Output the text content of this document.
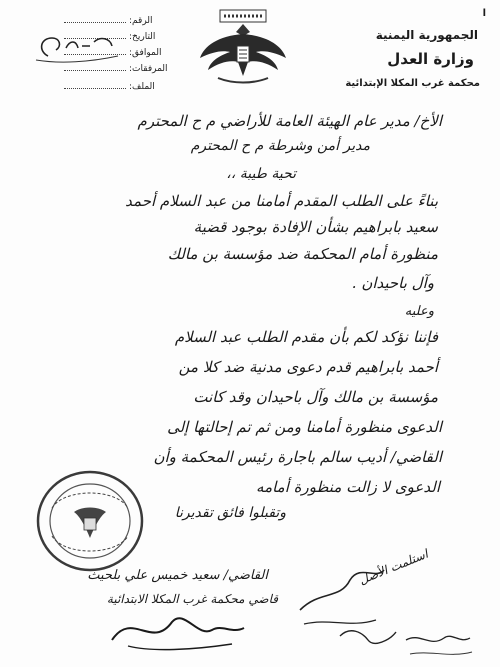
ا
الرقم:
التاريخ:
الموافق:
المرفقات:
الملف:
الجمهورية اليمنية
وزارة العدل
محكمة غرب المكلا الإبتدائية
الأخ/ مدير عام الهيئة العامة للأراضي م ح المحترم
مدير أمن وشرطة م ح المحترم
تحية طيبة ،،
بناءً على الطلب المقدم أمامنا من عبد السلام أحمد
سعيد بابراهيم بشأن الإفادة بوجود قضية
منظورة أمام المحكمة ضد مؤسسة بن مالك
وآل باحيدان .
وعليه
فإننا نؤكد لكم بأن مقدم الطلب عبد السلام
أحمد بابراهيم قدم دعوى مدنية ضد كلا من
مؤسسة بن مالك وآل باحيدان وقد كانت
الدعوى منظورة أمامنا ومن ثم تم إحالتها إلى
القاضي/ أديب سالم باجارة رئيس المحكمة وأن
الدعوى لا زالت منظورة أمامه
وتقبلوا فائق تقديرنا
القاضي/ سعيد خميس علي بلحيث
قاضي محكمة غرب المكلا الابتدائية
استلمت الأصل
